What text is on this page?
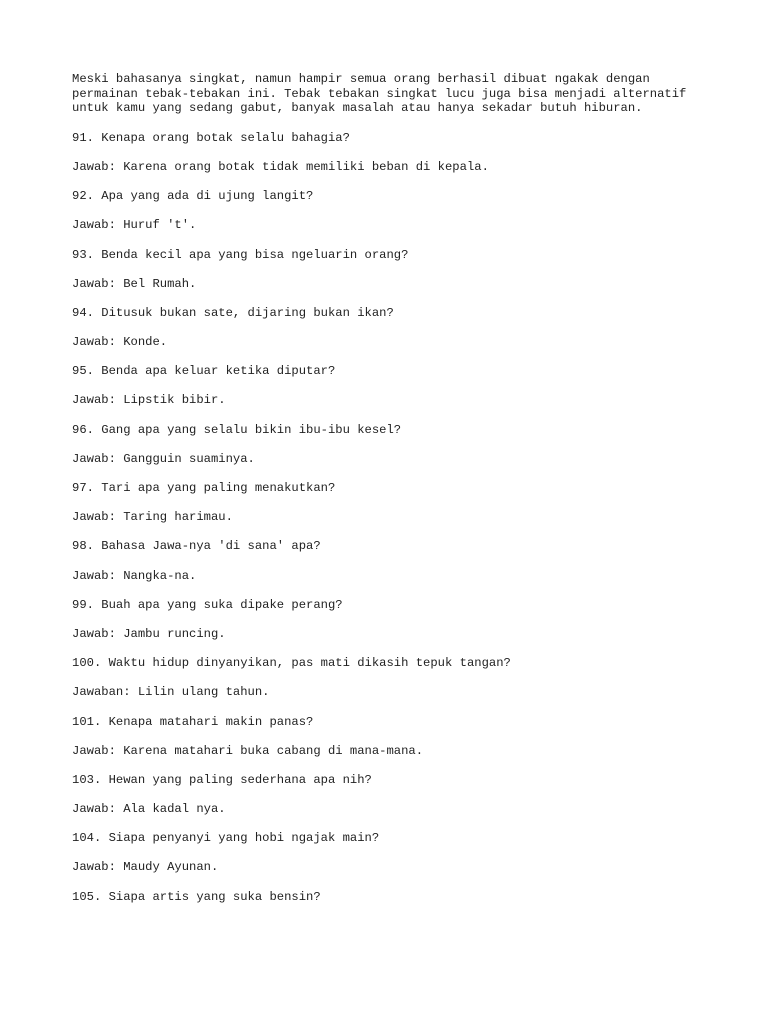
Meski bahasanya singkat, namun hampir semua orang berhasil dibuat ngakak dengan permainan tebak-tebakan ini. Tebak tebakan singkat lucu juga bisa menjadi alternatif untuk kamu yang sedang gabut, banyak masalah atau hanya sekadar butuh hiburan.

91. Kenapa orang botak selalu bahagia?
Jawab: Karena orang botak tidak memiliki beban di kepala.
92. Apa yang ada di ujung langit?
Jawab: Huruf 't'.
93. Benda kecil apa yang bisa ngeluarin orang?
Jawab: Bel Rumah.
94. Ditusuk bukan sate, dijaring bukan ikan?
Jawab: Konde.
95. Benda apa keluar ketika diputar?
Jawab: Lipstik bibir.
96. Gang apa yang selalu bikin ibu-ibu kesel?
Jawab: Gangguin suaminya.
97. Tari apa yang paling menakutkan?
Jawab: Taring harimau.
98. Bahasa Jawa-nya 'di sana' apa?
Jawab: Nangka-na.
99. Buah apa yang suka dipake perang?
Jawab: Jambu runcing.
100. Waktu hidup dinyanyikan, pas mati dikasih tepuk tangan?
Jawaban: Lilin ulang tahun.
101. Kenapa matahari makin panas?
Jawab: Karena matahari buka cabang di mana-mana.
103. Hewan yang paling sederhana apa nih?
Jawab: Ala kadal nya.
104. Siapa penyanyi yang hobi ngajak main?
Jawab: Maudy Ayunan.
105. Siapa artis yang suka bensin?
